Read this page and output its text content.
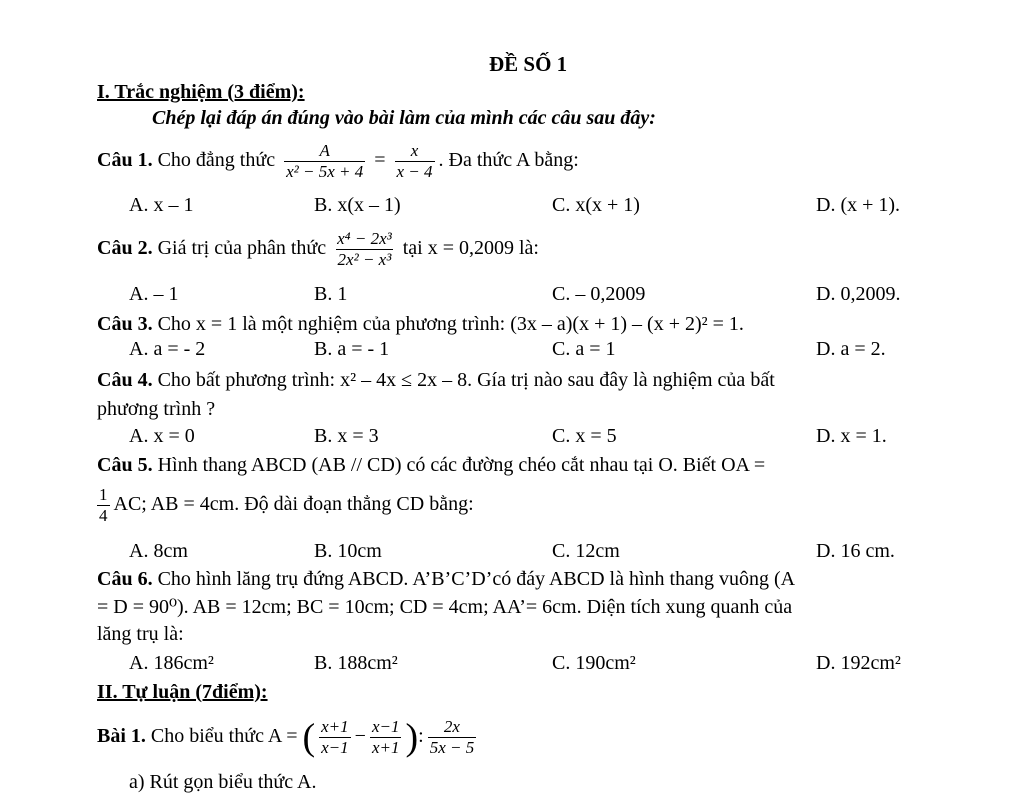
ĐỀ SỐ 1
I. Trắc nghiệm (3 điểm):
Chép lại đáp án đúng vào bài làm của mình các câu sau đây:
Câu 1. Cho đẳng thức $\frac{A}{\text{x² − 5x + 4}} = \frac{x}{x - 4}$ . Đa thức A bằng:
A. x – 1	B. x(x – 1)	C. x(x + 1)	D. (x + 1).
Câu 2. Giá trị của phân thức $\frac{\text{x⁴ − 2x³}}{\text{2x² − x³}}$ tại x = 0,2009 là:
A. – 1	B. 1	C. – 0,2009	D. 0,2009.
Câu 3. Cho x = 1 là một nghiệm của phương trình: (3x – a)(x + 1) – (x + 2)² = 1.
A. a = - 2	B. a = - 1	C. a = 1	D. a = 2.
Câu 4. Cho bất phương trình: x² – 4x ≤ 2x – 8. Gía trị nào sau đây là nghiệm của bất
phương trình ?
A. x = 0	B. x = 3	C. x = 5	D. x = 1.
Câu 5. Hình thang ABCD (AB // CD) có các đường chéo cắt nhau tại O. Biết OA =
$\frac{1}{4}$ AC; AB = 4cm. Độ dài đoạn thẳng CD bằng:
A. 8cm	B. 10cm	C. 12cm	D. 16 cm.
Câu 6. Cho hình lăng trụ đứng ABCD. A’B’C’D’có đáy ABCD là hình thang vuông (A
= D = 90⁰). AB = 12cm; BC = 10cm; CD = 4cm; AA’= 6cm. Diện tích xung quanh của
lăng trụ là:
A. 186cm²	B. 188cm²	C. 190cm²	D. 192cm²
II. Tự luận (7điểm):
Bài 1. Cho biểu thức A = ( $\frac{x+1}{x-1} - \frac{x-1}{x+1}$ ): $\frac{2x}{5x - 5}$
a) Rút gọn biểu thức A.
